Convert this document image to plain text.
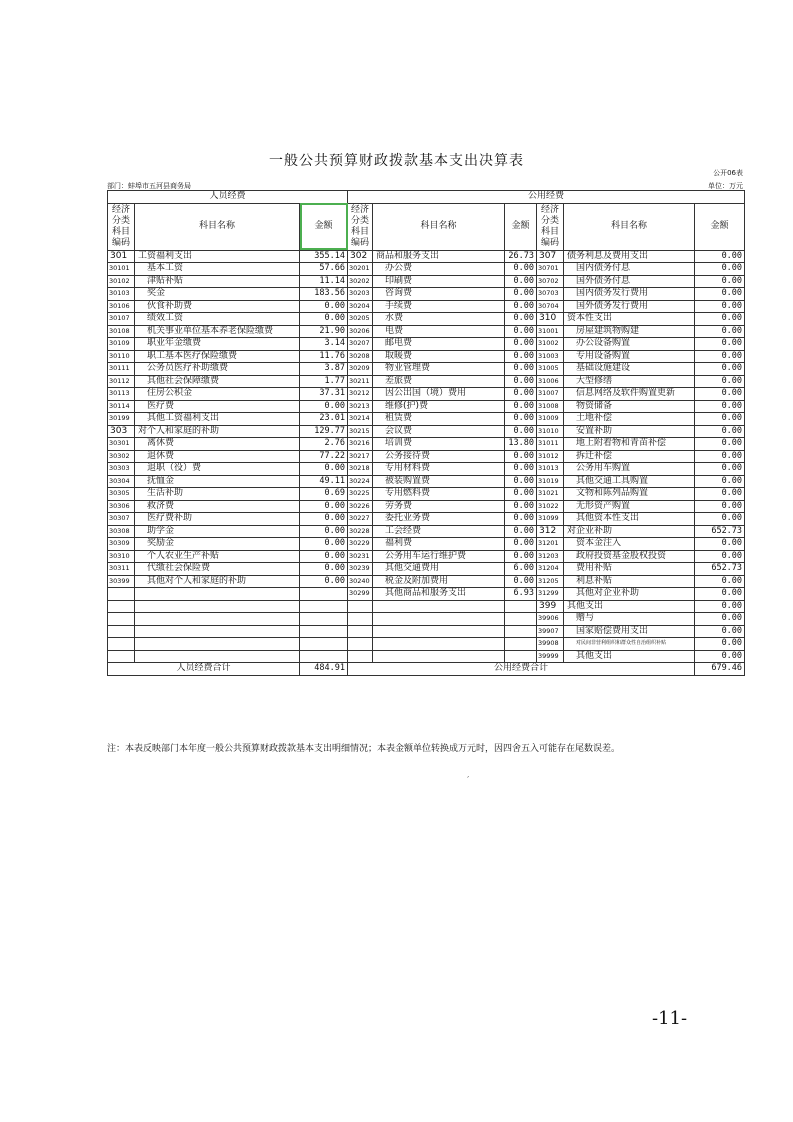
一般公共预算财政拨款基本支出决算表
公开06表
部门：蚌埠市五河县商务局	单位：万元
人员经费			公用经费					
经济分类科目编码	科目名称	金额	经济分类科目编码	科目名称	金额	经济分类科目编码	科目名称	金额
301	工资福利支出	355.14	302	商品和服务支出	26.73	307	债务利息及费用支出	0.00
30101	基本工资	57.66	30201	办公费	0.00	30701	国内债务付息	0.00
30102	津贴补贴	11.14	30202	印刷费	0.00	30702	国外债务付息	0.00
30103	奖金	183.56	30203	咨询费	0.00	30703	国内债务发行费用	0.00
30106	伙食补助费	0.00	30204	手续费	0.00	30704	国外债务发行费用	0.00
30107	绩效工资	0.00	30205	水费	0.00	310	资本性支出	0.00
30108	机关事业单位基本养老保险缴费	21.90	30206	电费	0.00	31001	房屋建筑物购建	0.00
30109	职业年金缴费	3.14	30207	邮电费	0.00	31002	办公设备购置	0.00
30110	职工基本医疗保险缴费	11.76	30208	取暖费	0.00	31003	专用设备购置	0.00
30111	公务员医疗补助缴费	3.87	30209	物业管理费	0.00	31005	基础设施建设	0.00
30112	其他社会保障缴费	1.77	30211	差旅费	0.00	31006	大型修缮	0.00
30113	住房公积金	37.31	30212	因公出国（境）费用	0.00	31007	信息网络及软件购置更新	0.00
30114	医疗费	0.00	30213	维修(护)费	0.00	31008	物资储备	0.00
30199	其他工资福利支出	23.01	30214	租赁费	0.00	31009	土地补偿	0.00
303	对个人和家庭的补助	129.77	30215	会议费	0.00	31010	安置补助	0.00
30301	离休费	2.76	30216	培训费	13.80	31011	地上附着物和青苗补偿	0.00
30302	退休费	77.22	30217	公务接待费	0.00	31012	拆迁补偿	0.00
30303	退职（役）费	0.00	30218	专用材料费	0.00	31013	公务用车购置	0.00
30304	抚恤金	49.11	30224	被装购置费	0.00	31019	其他交通工具购置	0.00
30305	生活补助	0.69	30225	专用燃料费	0.00	31021	文物和陈列品购置	0.00
30306	救济费	0.00	30226	劳务费	0.00	31022	无形资产购置	0.00
30307	医疗费补助	0.00	30227	委托业务费	0.00	31099	其他资本性支出	0.00
30308	助学金	0.00	30228	工会经费	0.00	312	对企业补助	652.73
30309	奖励金	0.00	30229	福利费	0.00	31201	资本金注入	0.00
30310	个人农业生产补贴	0.00	30231	公务用车运行维护费	0.00	31203	政府投资基金股权投资	0.00
30311	代缴社会保险费	0.00	30239	其他交通费用	6.00	31204	费用补贴	652.73
30399	其他对个人和家庭的补助	0.00	30240	税金及附加费用	0.00	31205	利息补贴	0.00
			30299	其他商品和服务支出	6.93	31299	其他对企业补助	0.00
						399	其他支出	0.00
						39906	赠与	0.00
						39907	国家赔偿费用支出	0.00
						39908	对民间非营利组织和群众性自治组织补贴	0.00
						39999	其他支出	0.00
人员经费合计		484.91	公用经费合计					679.46
注：本表反映部门本年度一般公共预算财政拨款基本支出明细情况；本表金额单位转换成万元时，因四舍五入可能存在尾数误差。
ˏ
-11-
